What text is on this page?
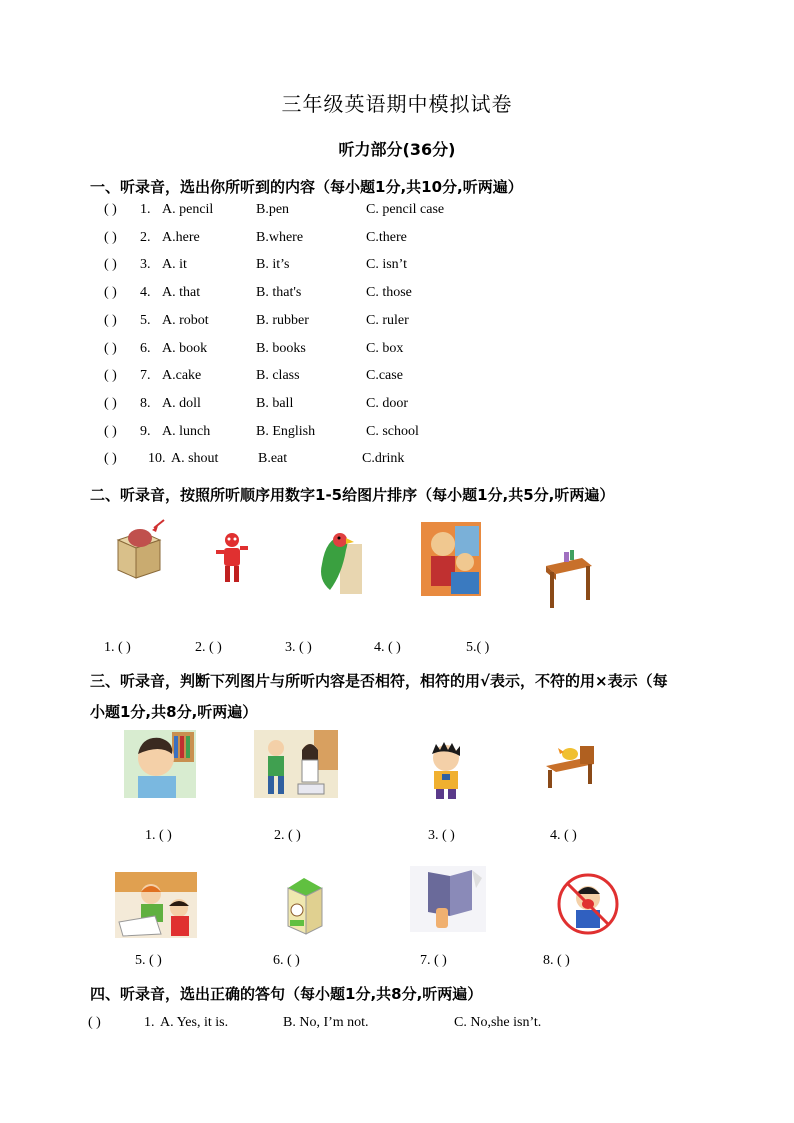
三年级英语期中模拟试卷
听力部分(36分)
一、听录音，选出你所听到的内容（每小题1分,共10分,听两遍）
( ) 1. A. pencil	B.pen	C. pencil case
( ) 2. A.here	B.where	C.there
( ) 3. A. it	B. it’s	C. isn’t
( ) 4. A. that	B. that's	C. those
( ) 5. A. robot	B. rubber	C. ruler
( ) 6. A. book	B. books	C. box
( ) 7. A.cake	B. class	C.case
( ) 8. A. doll	B. ball	C. door
( ) 9. A. lunch	B. English	C. school
( ) 10. A. shout	B.eat	C.drink
二、听录音，按照所听顺序用数字1-5给图片排序（每小题1分,共5分,听两遍）
1. ( )	2. ( )	3. ( )	4. ( )	5.( )
三、听录音，判断下列图片与所听内容是否相符，相符的用√表示，不符的用×表示（每
小题1分,共8分,听两遍）
1. ( )	2. ( )	3. ( )	4. ( )
5. ( )	6. ( )	7. ( )	8. ( )
四、听录音，选出正确的答句（每小题1分,共8分,听两遍）
( )	1. A. Yes, it is.	B. No, I’m not.	C. No,she isn’t.
